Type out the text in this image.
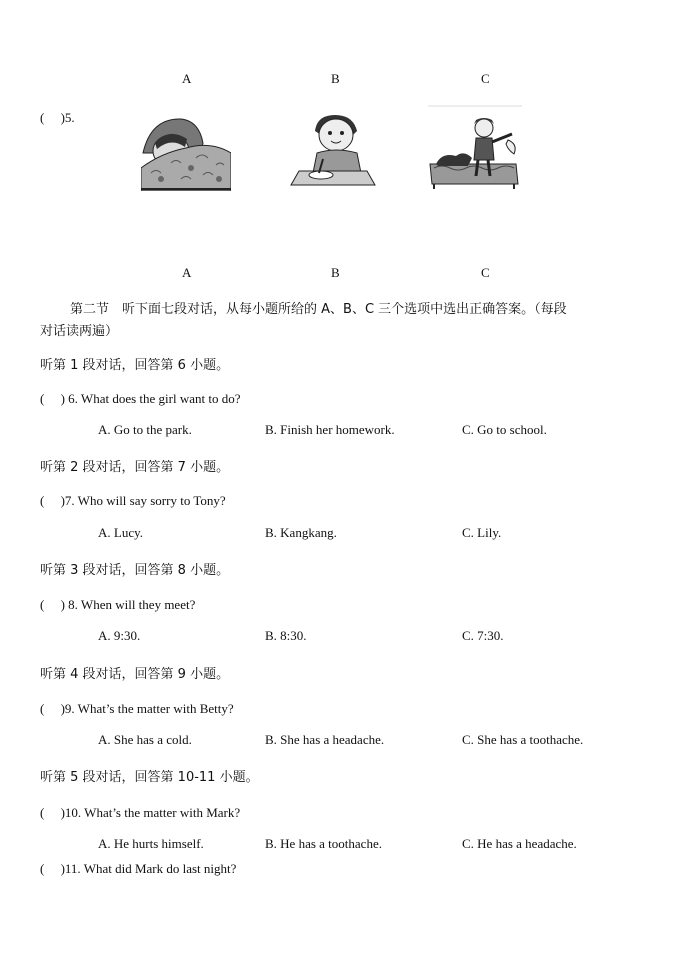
A	B	C
(　 )5.
A	B	C
第二节　听下面七段对话，从每小题所给的 A、B、C 三个选项中选出正确答案。（每段
对话读两遍）
听第 1 段对话，回答第 6 小题。
(　 ) 6. What does the girl want to do?
A. Go to the park.	B. Finish her homework.	C. Go to school.
听第 2 段对话，回答第 7 小题。
(　 )7. Who will say sorry to Tony?
A. Lucy.	B. Kangkang.	C. Lily.
听第 3 段对话，回答第 8 小题。
(　 ) 8. When will they meet?
A. 9:30.	B. 8:30.	C. 7:30.
听第 4 段对话，回答第 9 小题。
(　 )9. What’s the matter with Betty?
A. She has a cold.	B. She has a headache.	C. She has a toothache.
听第 5 段对话，回答第 10-11 小题。
(　 )10. What’s the matter with Mark?
A. He hurts himself.	B. He has a toothache.	C. He has a headache.
(　 )11. What did Mark do last night?
